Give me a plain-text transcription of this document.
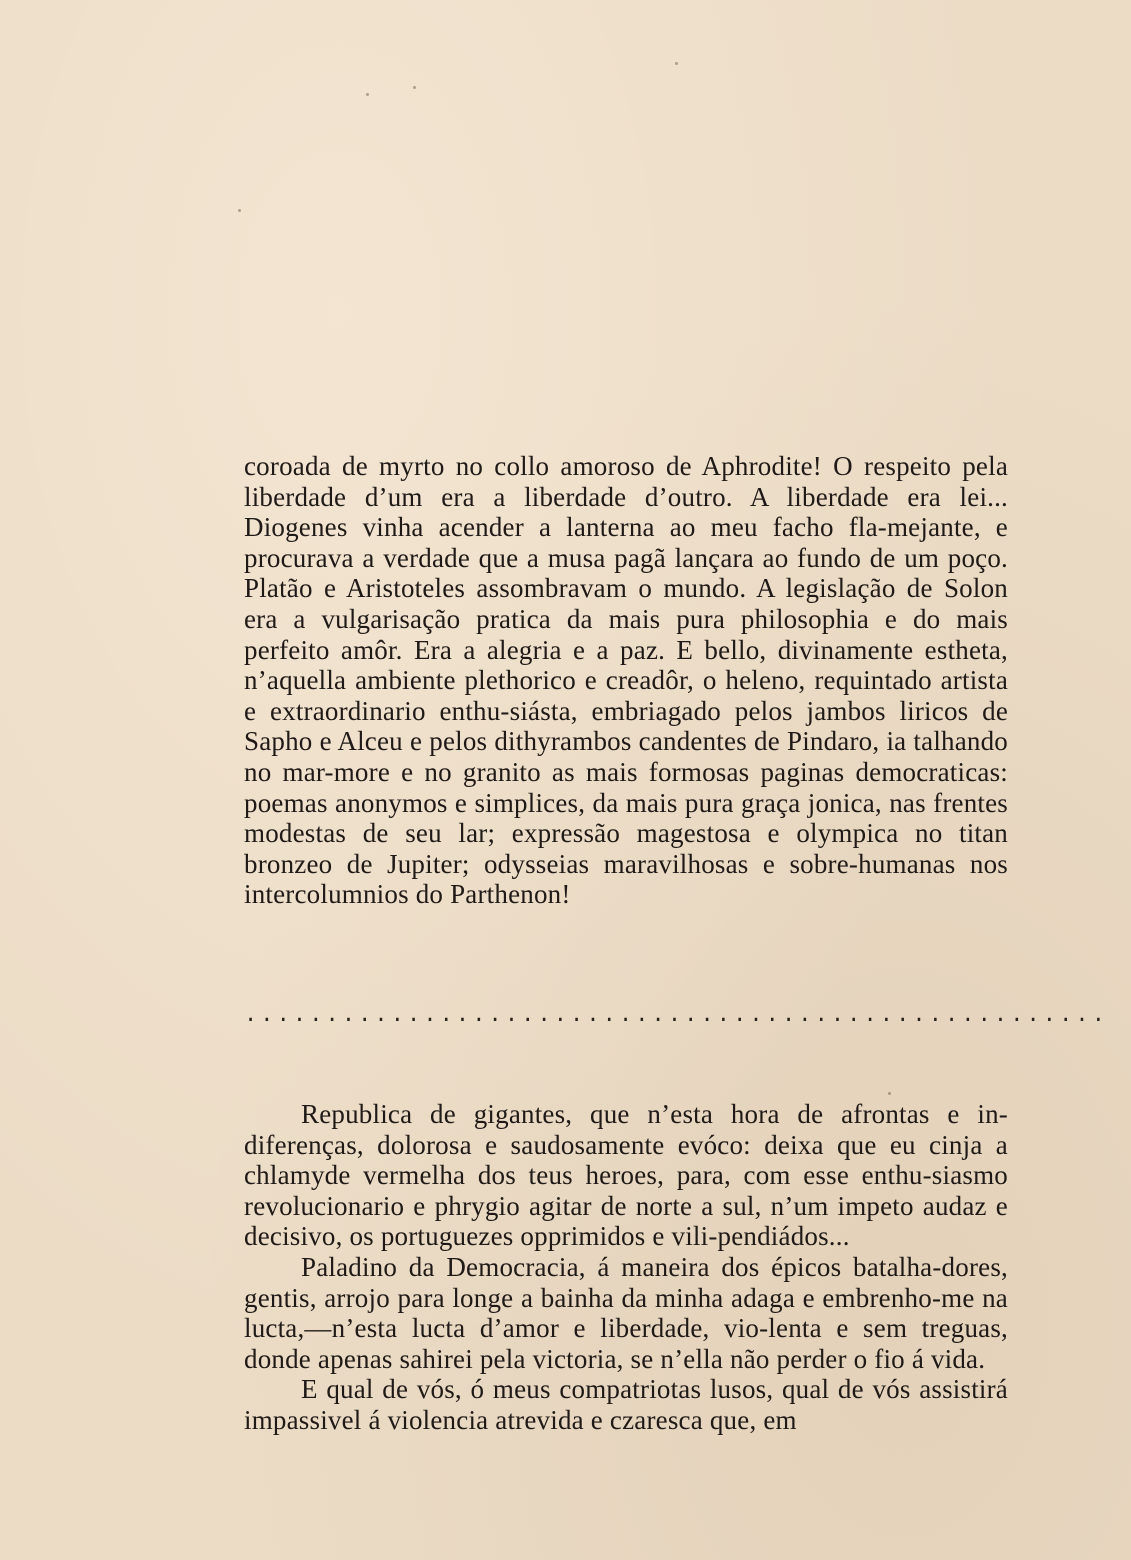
coroada de myrto no collo amoroso de Aphrodite! O respeito pela liberdade d’um era a liberdade d’outro. A liberdade era lei... Diogenes vinha acender a lanterna ao meu facho fla-mejante, e procurava a verdade que a musa pagã lançara ao fundo de um poço. Platão e Aristoteles assombravam o mundo. A legislação de Solon era a vulgarisação pratica da mais pura philosophia e do mais perfeito amôr. Era a alegria e a paz. E bello, divinamente estheta, n’aquella ambiente plethorico e creadôr, o heleno, requintado artista e extraordinario enthu-siásta, embriagado pelos jambos liricos de Sapho e Alceu e pelos dithyrambos candentes de Pindaro, ia talhando no mar-more e no granito as mais formosas paginas democraticas: poemas anonymos e simplices, da mais pura graça jonica, nas frentes modestas de seu lar; expressão magestosa e olympica no titan bronzeo de Jupiter; odysseias maravilhosas e sobre-humanas nos intercolumnios do Parthenon!

.....................................................

Republica de gigantes, que n’esta hora de afrontas e in-diferenças, dolorosa e saudosamente evóco: deixa que eu cinja a chlamyde vermelha dos teus heroes, para, com esse enthu-siasmo revolucionario e phrygio agitar de norte a sul, n’um impeto audaz e decisivo, os portuguezes opprimidos e vili-pendiádos...

Paladino da Democracia, á maneira dos épicos batalha-dores, gentis, arrojo para longe a bainha da minha adaga e embrenho-me na lucta,—n’esta lucta d’amor e liberdade, vio-lenta e sem treguas, donde apenas sahirei pela victoria, se n’ella não perder o fio á vida.

E qual de vós, ó meus compatriotas lusos, qual de vós assistirá impassivel á violencia atrevida e czaresca que, em
